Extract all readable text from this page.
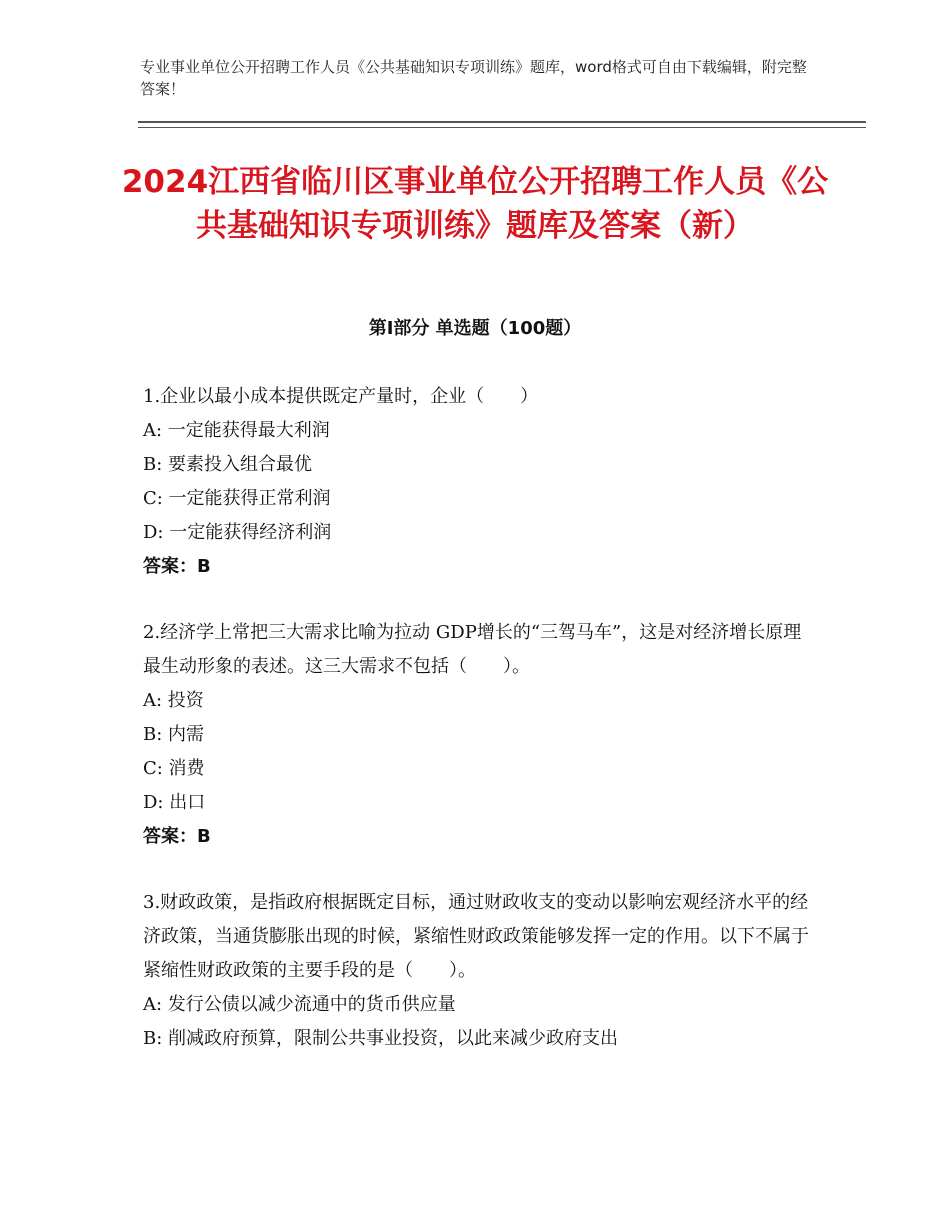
专业事业单位公开招聘工作人员《公共基础知识专项训练》题库，word格式可自由下载编辑，附完整答案！
2024江西省临川区事业单位公开招聘工作人员《公共基础知识专项训练》题库及答案（新）
第Ⅰ部分 单选题（100题）
1.企业以最小成本提供既定产量时，企业（　　）
A: 一定能获得最大利润
B: 要素投入组合最优
C: 一定能获得正常利润
D: 一定能获得经济利润
答案：B
2.经济学上常把三大需求比喻为拉动 GDP增长的“三驾马车”，这是对经济增长原理最生动形象的表述。这三大需求不包括（　　）。
A: 投资
B: 内需
C: 消费
D: 出口
答案：B
3.财政政策，是指政府根据既定目标，通过财政收支的变动以影响宏观经济水平的经济政策，当通货膨胀出现的时候，紧缩性财政政策能够发挥一定的作用。以下不属于紧缩性财政政策的主要手段的是（　　）。
A: 发行公债以减少流通中的货币供应量
B: 削减政府预算，限制公共事业投资，以此来减少政府支出
